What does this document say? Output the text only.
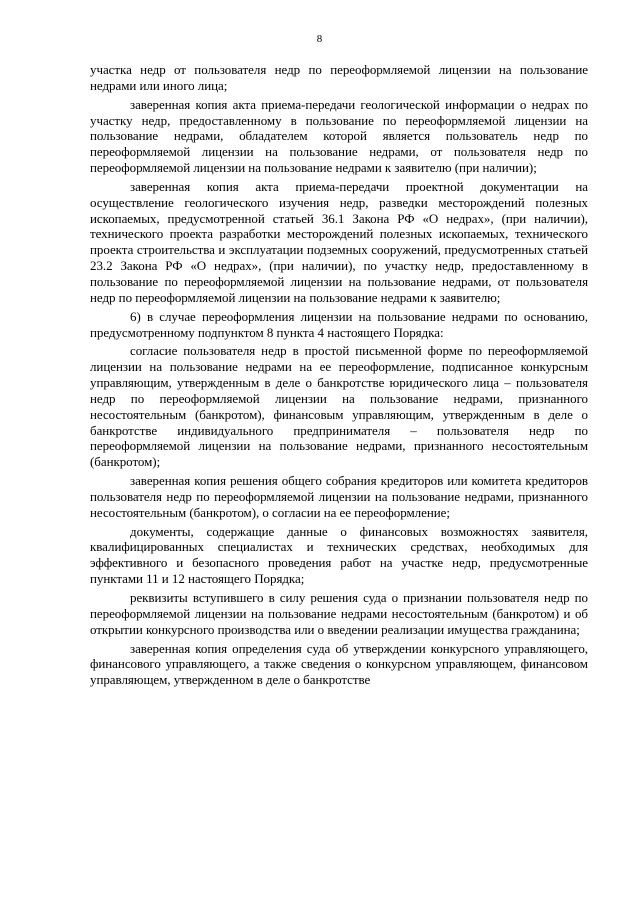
8

участка недр от пользователя недр по переоформляемой лицензии на пользование недрами или иного лица;

заверенная копия акта приема-передачи геологической информации о недрах по участку недр, предоставленному в пользование по переоформляемой лицензии на пользование недрами, обладателем которой является пользователь недр по переоформляемой лицензии на пользование недрами, от пользователя недр по переоформляемой лицензии на пользование недрами к заявителю (при наличии);

заверенная копия акта приема-передачи проектной документации на осуществление геологического изучения недр, разведки месторождений полезных ископаемых, предусмотренной статьей 36.1 Закона РФ «О недрах», (при наличии), технического проекта разработки месторождений полезных ископаемых, технического проекта строительства и эксплуатации подземных сооружений, предусмотренных статьей 23.2 Закона РФ «О недрах», (при наличии), по участку недр, предоставленному в пользование по переоформляемой лицензии на пользование недрами, от пользователя недр по переоформляемой лицензии на пользование недрами к заявителю;

6) в случае переоформления лицензии на пользование недрами по основанию, предусмотренному подпунктом 8 пункта 4 настоящего Порядка:

согласие пользователя недр в простой письменной форме по переоформляемой лицензии на пользование недрами на ее переоформление, подписанное конкурсным управляющим, утвержденным в деле о банкротстве юридического лица – пользователя недр по переоформляемой лицензии на пользование недрами, признанного несостоятельным (банкротом), финансовым управляющим, утвержденным в деле о банкротстве индивидуального предпринимателя – пользователя недр по переоформляемой лицензии на пользование недрами, признанного несостоятельным (банкротом);

заверенная копия решения общего собрания кредиторов или комитета кредиторов пользователя недр по переоформляемой лицензии на пользование недрами, признанного несостоятельным (банкротом), о согласии на ее переоформление;

документы, содержащие данные о финансовых возможностях заявителя, квалифицированных специалистах и технических средствах, необходимых для эффективного и безопасного проведения работ на участке недр, предусмотренные пунктами 11 и 12 настоящего Порядка;

реквизиты вступившего в силу решения суда о признании пользователя недр по переоформляемой лицензии на пользование недрами несостоятельным (банкротом) и об открытии конкурсного производства или о введении реализации имущества гражданина;

заверенная копия определения суда об утверждении конкурсного управляющего, финансового управляющего, а также сведения о конкурсном управляющем, финансовом управляющем, утвержденном в деле о банкротстве
